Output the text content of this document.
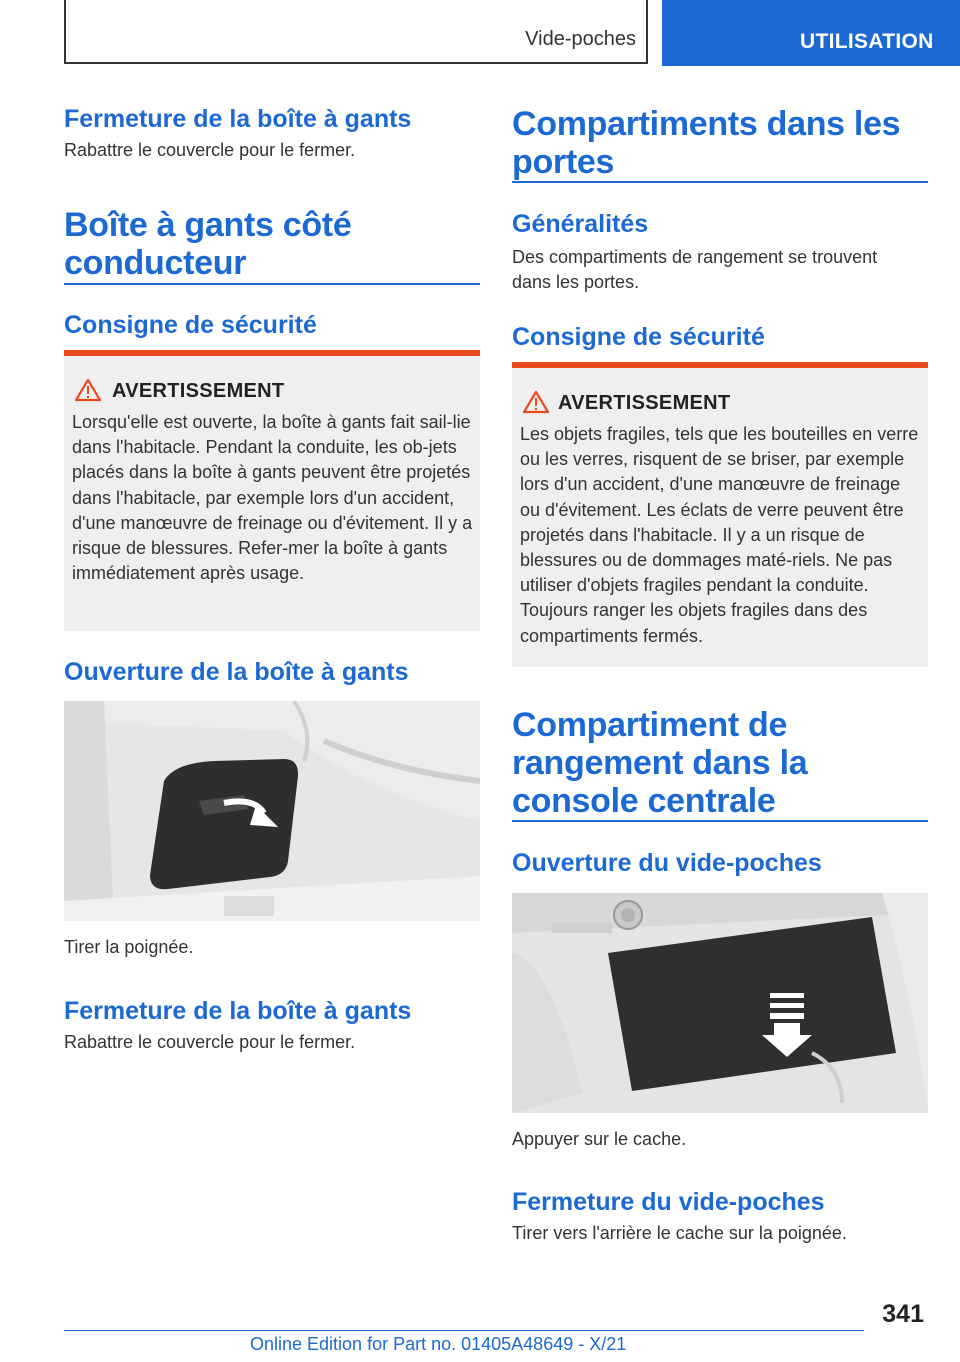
Vide-poches	UTILISATION
Fermeture de la boîte à gants

Rabattre le couvercle pour le fermer.

Boîte à gants côté conducteur
Consigne de sécurité
AVERTISSEMENT
Lorsqu'elle est ouverte, la boîte à gants fait sail-lie dans l'habitacle. Pendant la conduite, les ob-jets placés dans la boîte à gants peuvent être projetés dans l'habitacle, par exemple lors d'un accident, d'une manœuvre de freinage ou d'évitement. Il y a risque de blessures. Refer-mer la boîte à gants immédiatement après usage.
Ouverture de la boîte à gants

Tirer la poignée.

Fermeture de la boîte à gants

Rabattre le couvercle pour le fermer.

Compartiments dans les portes
Généralités

Des compartiments de rangement se trouvent dans les portes.

Consigne de sécurité
AVERTISSEMENT
Les objets fragiles, tels que les bouteilles en verre ou les verres, risquent de se briser, par exemple lors d'un accident, d'une manœuvre de freinage ou d'évitement. Les éclats de verre peuvent être projetés dans l'habitacle. Il y a un risque de blessures ou de dommages maté-riels. Ne pas utiliser d'objets fragiles pendant la conduite. Toujours ranger les objets fragiles dans des compartiments fermés.
Compartiment de rangement dans la console centrale
Ouverture du vide-poches

Appuyer sur le cache.

Fermeture du vide-poches

Tirer vers l'arrière le cache sur la poignée.

341
Online Edition for Part no. 01405A48649 - X/21
